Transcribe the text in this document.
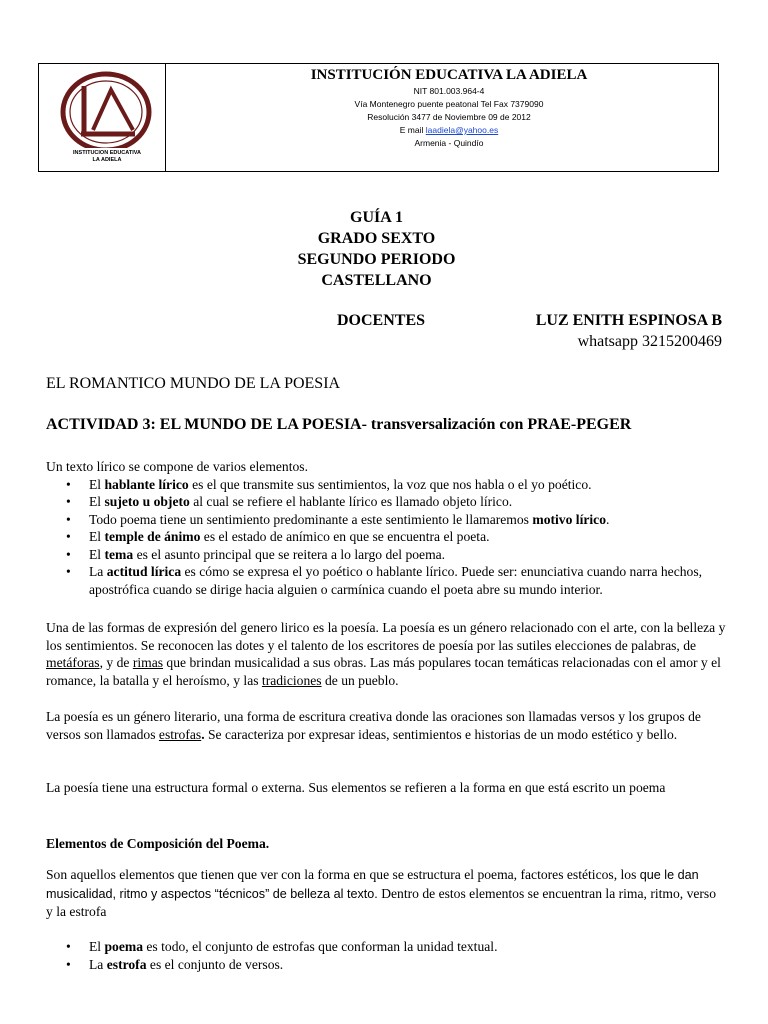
INSTITUCION EDUCATIVA
LA ADIELA
INSTITUCIÓN EDUCATIVA LA ADIELA
NIT 801.003.964-4
Vía Montenegro puente peatonal Tel Fax 7379090
Resolución 3477 de Noviembre 09 de 2012
E mail laadiela@yahoo.es
Armenia - Quindío
GUÍA 1
GRADO SEXTO
SEGUNDO PERIODO
CASTELLANO
DOCENTES	LUZ ENITH ESPINOSA B
whatsapp 3215200469
EL ROMANTICO MUNDO DE LA POESIA
ACTIVIDAD 3: EL MUNDO DE LA POESIA- transversalización con PRAE-PEGER
Un texto lírico se compone de varios elementos.
• El hablante lírico es el que transmite sus sentimientos, la voz que nos habla o el yo poético.
• El sujeto u objeto al cual se refiere el hablante lírico es llamado objeto lírico.
• Todo poema tiene un sentimiento predominante a este sentimiento le llamaremos motivo lírico.
• El temple de ánimo es el estado de anímico en que se encuentra el poeta.
• El tema es el asunto principal que se reitera a lo largo del poema.
• La actitud lírica es cómo se expresa el yo poético o hablante lírico. Puede ser: enunciativa cuando narra hechos, apostrófica cuando se dirige hacia alguien o carmínica cuando el poeta abre su mundo interior.
Una de las formas de expresión del genero lirico es la poesía. La poesía es un género relacionado con el arte, con la belleza y los sentimientos. Se reconocen las dotes y el talento de los escritores de poesía por las sutiles elecciones de palabras, de metáforas, y de rimas que brindan musicalidad a sus obras. Las más populares tocan temáticas relacionadas con el amor y el romance, la batalla y el heroísmo, y las tradiciones de un pueblo.
La poesía es un género literario, una forma de escritura creativa donde las oraciones son llamadas versos y los grupos de versos son llamados estrofas. Se caracteriza por expresar ideas, sentimientos e historias de un modo estético y bello.
La poesía tiene una estructura formal o externa. Sus elementos se refieren a la forma en que está escrito un poema
Elementos de Composición del Poema.
Son aquellos elementos que tienen que ver con la forma en que se estructura el poema, factores estéticos, los que le dan musicalidad, ritmo y aspectos “técnicos” de belleza al texto. Dentro de estos elementos se encuentran la rima, ritmo, verso y la estrofa
• El poema es todo, el conjunto de estrofas que conforman la unidad textual.
• La estrofa es el conjunto de versos.
